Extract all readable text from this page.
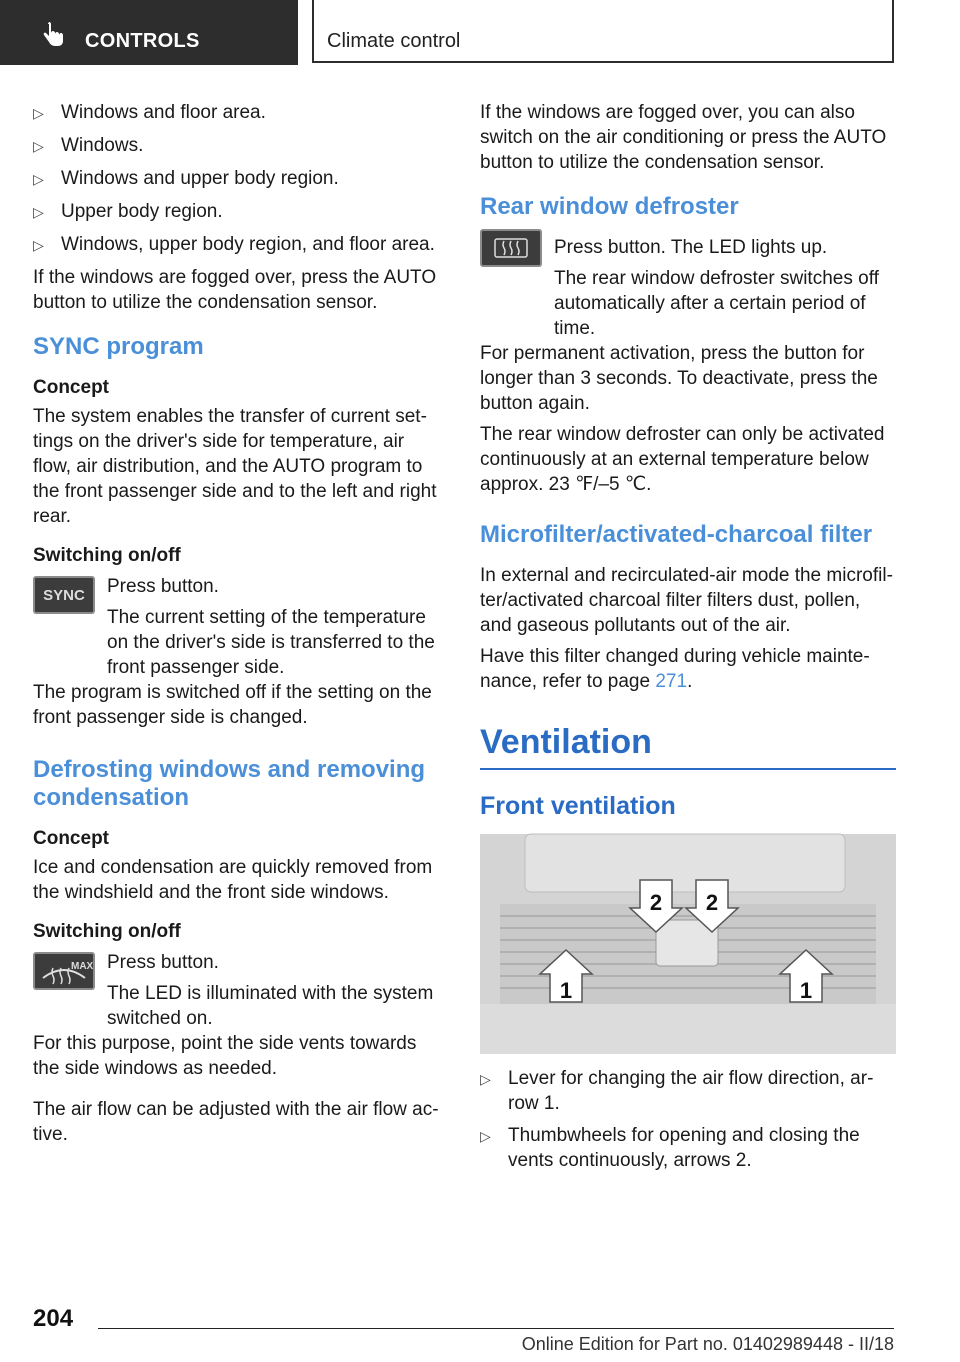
CONTROLS	Climate control
▷ Windows and floor area.
▷ Windows.
▷ Windows and upper body region.
▷ Upper body region.
▷ Windows, upper body region, and floor area.

If the windows are fogged over, press the AUTO button to utilize the condensation sensor.

SYNC program
Concept

The system enables the transfer of current settings on the driver's side for temperature, air flow, air distribution, and the AUTO program to the front passenger side and to the left and right rear.

Switching on/off
SYNC	Press button.

The current setting of the temperature on the driver's side is transferred to the front passenger side.

The program is switched off if the setting on the front passenger side is changed.

Defrosting windows and removing condensation
Concept

Ice and condensation are quickly removed from the windshield and the front side windows.

Switching on/off
MAX Press button.

The LED is illuminated with the system switched on.

For this purpose, point the side vents towards the side windows as needed.

The air flow can be adjusted with the air flow active.

If the windows are fogged over, you can also switch on the air conditioning or press the AUTO button to utilize the condensation sensor.

Rear window defroster

Press button. The LED lights up.

The rear window defroster switches off automatically after a certain period of time.

For permanent activation, press the button for longer than 3 seconds. To deactivate, press the button again.

The rear window defroster can only be activated continuously at an external temperature below approx. 23 ℉/–5 ℃.

Microfilter/activated-charcoal filter

In external and recirculated-air mode the microfilter/activated charcoal filter filters dust, pollen, and gaseous pollutants out of the air.

Have this filter changed during vehicle maintenance, refer to page 271.

Ventilation
Front ventilation
2 2
1	1
▷ Lever for changing the air flow direction, arrow 1.
▷ Thumbwheels for opening and closing the vents continuously, arrows 2.
204
Online Edition for Part no. 01402989448 - II/18
